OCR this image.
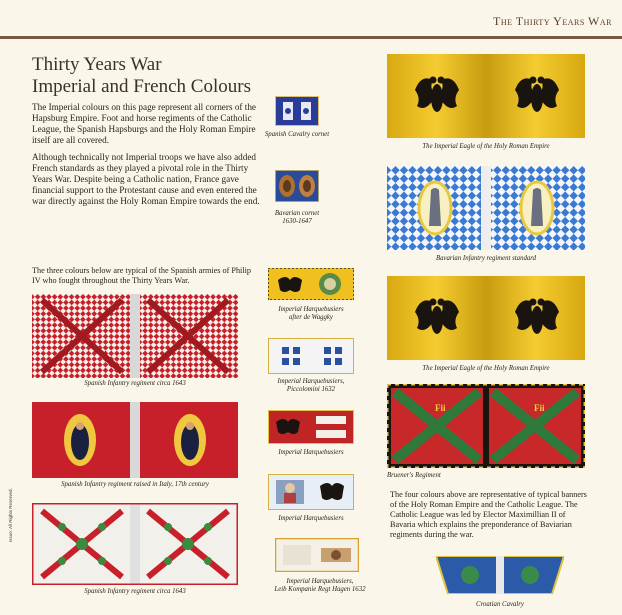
The Thirty Years War
Thirty Years War
Imperial and French Colours
The Imperial colours on this page represent all corners of the Hapsburg Empire. Foot and horse regiments of the Catholic League, the Spanish Hapsburgs and the Holy Roman Empire itself are all covered.
Although technically not Imperial troops we have also added French standards as they played a pivotal role in the Thirty Years War. Despite being a Catholic nation, France gave financial support to the Protestant cause and even entered the war directly against the Holy Roman Empire towards the end.
The three colours below are typical of the Spanish armies of Philip IV who fought throughout the Thirty Years War.
Spanish Cavalry cornet
Bavarian cornet
1630-1647
The Imperial Eagle of the Holy Roman Empire
Bavarian Infantry regiment standard
Imperial Harquebusiers
after de Waggky
Imperial Harquebusiers,
Piccolomini 1632
Imperial Harquebusiers
Imperial Harquebusiers
Imperial Harquebusiers,
Leib Kompanie Regt Hagen 1632
The Imperial Eagle of the Holy Roman Empire
Fii	Fii
Bruener's Regiment
The four colours above are representative of typical banners of the Holy Roman Empire and the Catholic League. The Catholic League was led by Elector Maximillian II of Bavaria which explains the preponderance of Baviarian regiments during the war.
Spanish Infantry regiment circa 1643
Spanish Infantry regiment raised in Italy, 17th century
Spanish Infantry regiment circa 1643
Croatian Cavalry
Issue: All Rights Reserved.
